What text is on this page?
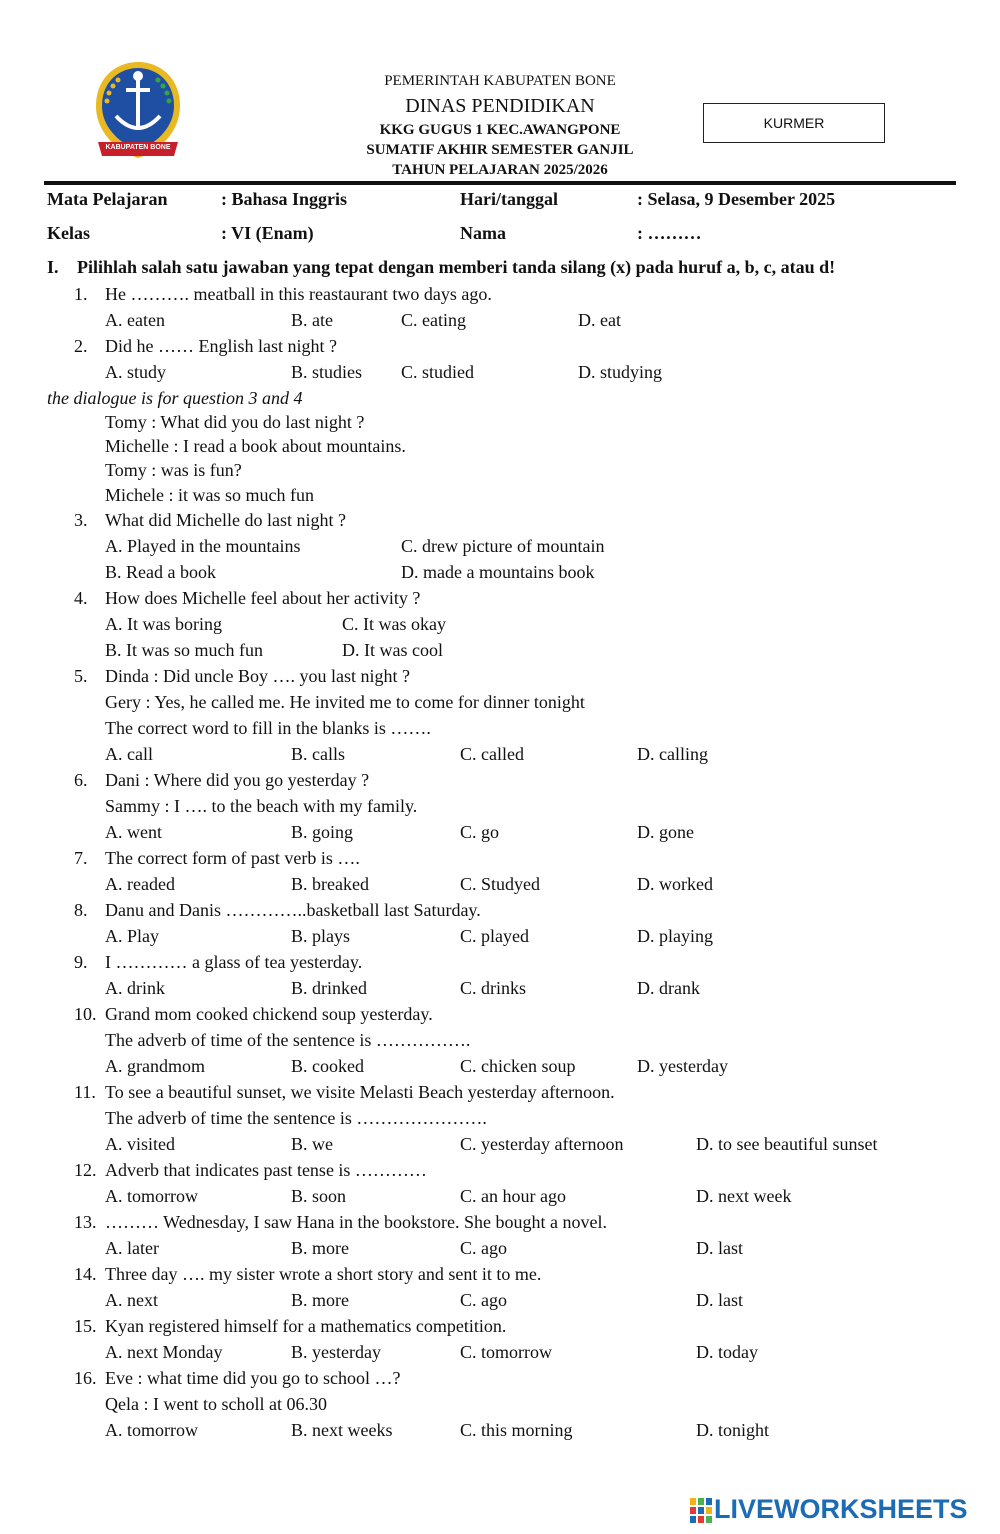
KABUPATEN BONE
PEMERINTAH KABUPATEN BONE
DINAS PENDIDIKAN
KKG GUGUS 1 KEC.AWANGPONE
SUMATIF AKHIR SEMESTER GANJIL
TAHUN PELAJARAN 2025/2026
KURMER
Mata Pelajaran	: Bahasa Inggris	Hari/tanggal	: Selasa, 9 Desember 2025
Kelas	: VI (Enam)	Nama	: ………
I. Pilihlah salah satu jawaban yang tepat dengan memberi tanda silang (x) pada huruf a, b, c, atau d!
1. He ………. meatball in this reastaurant two days ago.
A. eaten	B. ate	C. eating	D. eat
2. Did he …… English last night ?
A. study	B. studies C. studied	D. studying
the dialogue is for question 3 and 4
Tomy : What did you do last night ?
Michelle : I read a book about mountains.
Tomy : was is fun?
Michele : it was so much fun
3. What did Michelle do last night ?
A. Played in the mountains	C. drew picture of mountain
B. Read a book	D. made a mountains book
4. How does Michelle feel about her activity ?
A. It was boring	C. It was okay
B. It was so much fun	D. It was cool
5. Dinda : Did uncle Boy …. you last night ?
Gery : Yes, he called me. He invited me to come for dinner tonight
The correct word to fill in the blanks is …….
A. call	B. calls	C. called	D. calling
6. Dani : Where did you go yesterday ?
Sammy : I …. to the beach with my family.
A. went	B. going	C. go	D. gone
7. The correct form of past verb is ….
A. readed	B. breaked	C. Studyed	D. worked
8. Danu and Danis …………..basketball last Saturday.
A. Play	B. plays	C. played	D. playing
9. I ………… a glass of tea yesterday.
A. drink	B. drinked	C. drinks	D. drank
10. Grand mom cooked chickend soup yesterday.
The adverb of time of the sentence is …………….
A. grandmom	B. cooked	C. chicken soup	D. yesterday
11. To see a beautiful sunset, we visite Melasti Beach yesterday afternoon.
The adverb of time the sentence is ………………….
A. visited	B. we	C. yesterday afternoon	D. to see beautiful sunset
12. Adverb that indicates past tense is …………
A. tomorrow	B. soon	C. an hour ago	D. next week
13. ……… Wednesday, I saw Hana in the bookstore. She bought a novel.
A. later	B. more	C. ago	D. last
14. Three day …. my sister wrote a short story and sent it to me.
A. next	B. more	C. ago	D. last
15. Kyan registered himself for a mathematics competition.
A. next Monday	B. yesterday	C. tomorrow	D. today
16. Eve : what time did you go to school …?
Qela : I went to scholl at 06.30
A. tomorrow	B. next weeks	C. this morning	D. tonight
LIVEWORKSHEETS
